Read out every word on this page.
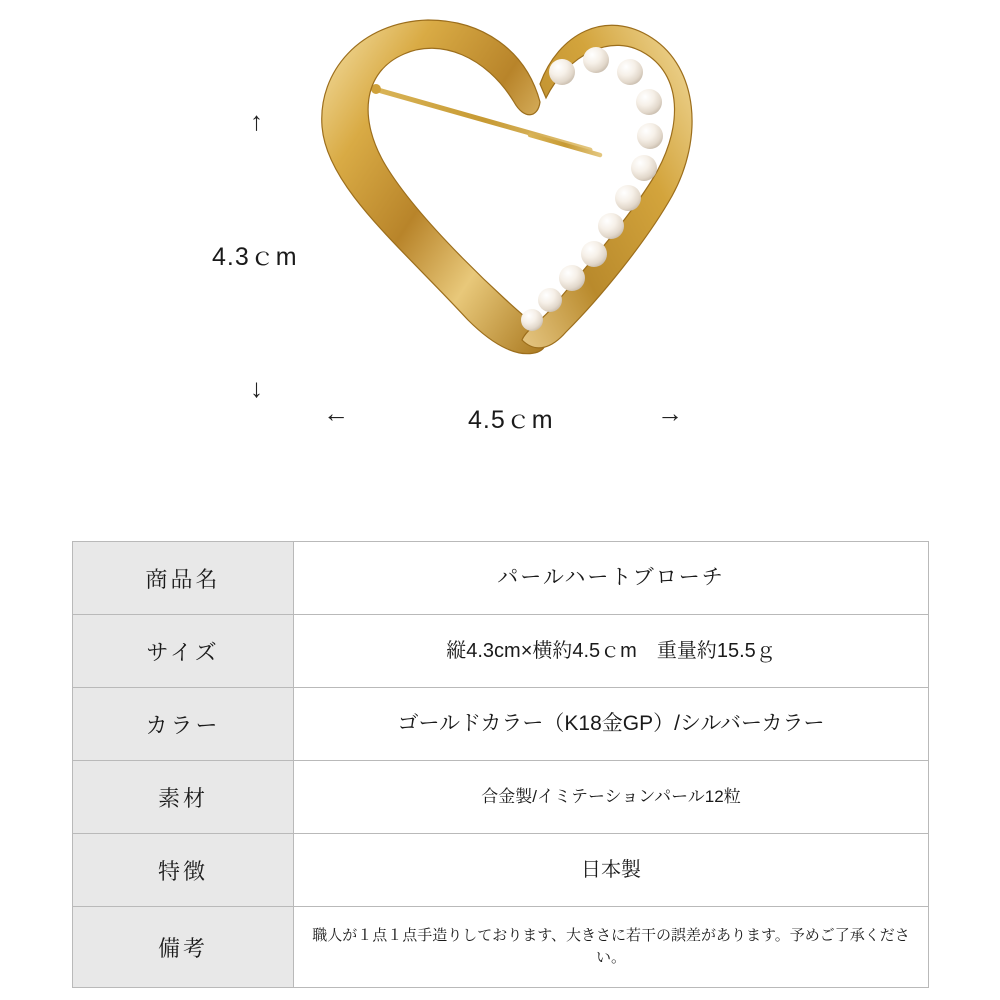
↑
↓
4.3ｃm
←	→
4.5ｃm
商品名	パールハートブローチ
サイズ	縦4.3cm×横約4.5ｃm　重量約15.5ｇ
カラー	ゴールドカラー（K18金GP）/シルバーカラー
素材	合金製/イミテーションパール12粒
特徴	日本製
備考	職人が１点１点手造りしております、大きさに若干の誤差があります。予めご了承ください。
